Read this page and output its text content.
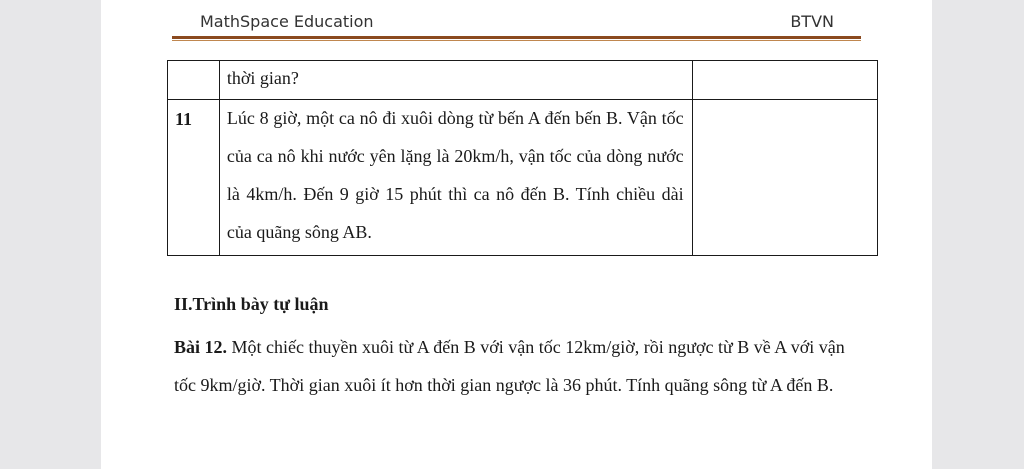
MathSpace Education	BTVN

	thời gian?	

11	Lúc 8 giờ, một ca nô đi xuôi dòng từ bến A đến bến B. Vận tốc của ca nô khi nước yên lặng là 20km/h, vận tốc của dòng nước là 4km/h. Đến 9 giờ 15 phút thì ca nô đến B. Tính chiều dài của quãng sông AB.	

II.Trình bày tự luận
Bài 12. Một chiếc thuyền xuôi từ A đến B với vận tốc 12km/giờ, rồi ngược từ B về A với vận tốc 9km/giờ. Thời gian xuôi ít hơn thời gian ngược là 36 phút. Tính quãng sông từ A đến B.
